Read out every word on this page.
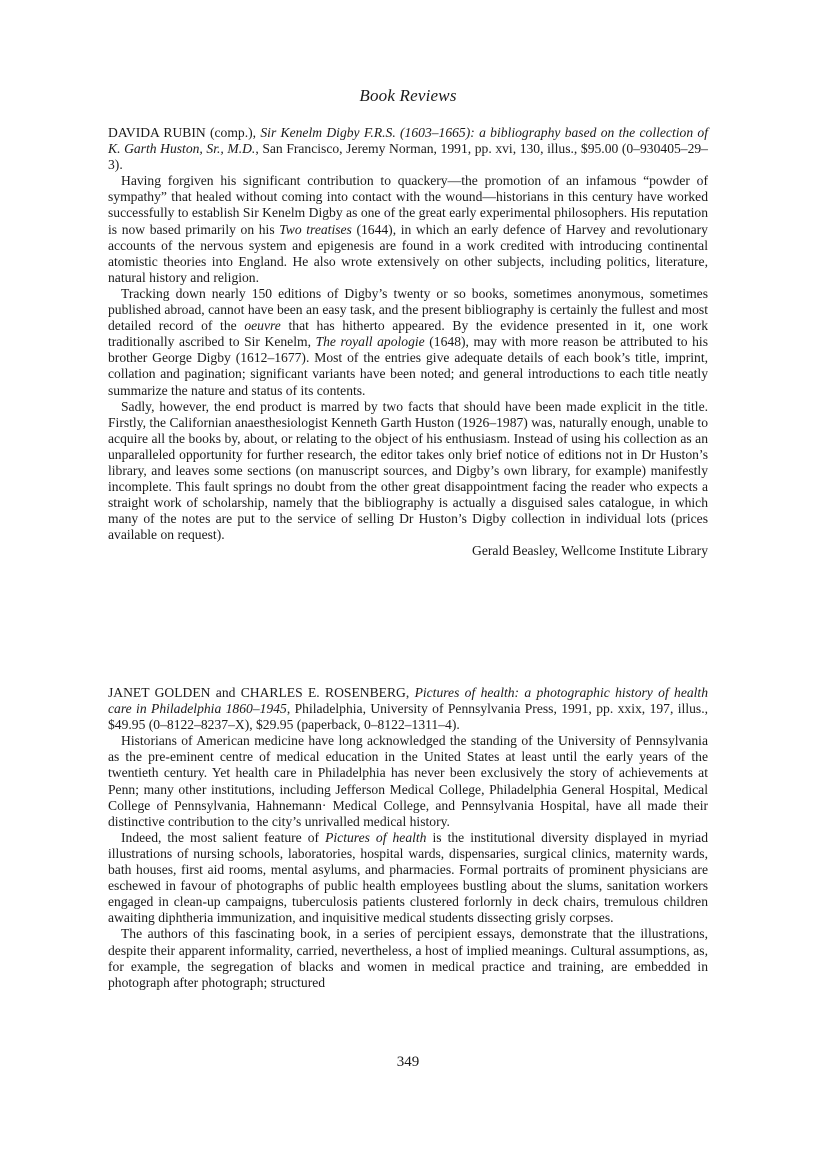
Book Reviews

DAVIDA RUBIN (comp.), Sir Kenelm Digby F.R.S. (1603–1665): a bibliography based on the collection of K. Garth Huston, Sr., M.D., San Francisco, Jeremy Norman, 1991, pp. xvi, 130, illus., $95.00 (0–930405–29–3).

Having forgiven his significant contribution to quackery—the promotion of an infamous “powder of sympathy” that healed without coming into contact with the wound—historians in this century have worked successfully to establish Sir Kenelm Digby as one of the great early experimental philosophers. His reputation is now based primarily on his Two treatises (1644), in which an early defence of Harvey and revolutionary accounts of the nervous system and epigenesis are found in a work credited with introducing continental atomistic theories into England. He also wrote extensively on other subjects, including politics, literature, natural history and religion.

Tracking down nearly 150 editions of Digby’s twenty or so books, sometimes anonymous, sometimes published abroad, cannot have been an easy task, and the present bibliography is certainly the fullest and most detailed record of the oeuvre that has hitherto appeared. By the evidence presented in it, one work traditionally ascribed to Sir Kenelm, The royall apologie (1648), may with more reason be attributed to his brother George Digby (1612–1677). Most of the entries give adequate details of each book’s title, imprint, collation and pagination; significant variants have been noted; and general introductions to each title neatly summarize the nature and status of its contents.

Sadly, however, the end product is marred by two facts that should have been made explicit in the title. Firstly, the Californian anaesthesiologist Kenneth Garth Huston (1926–1987) was, naturally enough, unable to acquire all the books by, about, or relating to the object of his enthusiasm. Instead of using his collection as an unparalleled opportunity for further research, the editor takes only brief notice of editions not in Dr Huston’s library, and leaves some sections (on manuscript sources, and Digby’s own library, for example) manifestly incomplete. This fault springs no doubt from the other great disappointment facing the reader who expects a straight work of scholarship, namely that the bibliography is actually a disguised sales catalogue, in which many of the notes are put to the service of selling Dr Huston’s Digby collection in individual lots (prices available on request).

Gerald Beasley, Wellcome Institute Library

JANET GOLDEN and CHARLES E. ROSENBERG, Pictures of health: a photographic history of health care in Philadelphia 1860–1945, Philadelphia, University of Pennsylvania Press, 1991, pp. xxix, 197, illus., $49.95 (0–8122–8237–X), $29.95 (paperback, 0–8122–1311–4).

Historians of American medicine have long acknowledged the standing of the University of Pennsylvania as the pre-eminent centre of medical education in the United States at least until the early years of the twentieth century. Yet health care in Philadelphia has never been exclusively the story of achievements at Penn; many other institutions, including Jefferson Medical College, Philadelphia General Hospital, Medical College of Pennsylvania, Hahnemann· Medical College, and Pennsylvania Hospital, have all made their distinctive contribution to the city’s unrivalled medical history.

Indeed, the most salient feature of Pictures of health is the institutional diversity displayed in myriad illustrations of nursing schools, laboratories, hospital wards, dispensaries, surgical clinics, maternity wards, bath houses, first aid rooms, mental asylums, and pharmacies. Formal portraits of prominent physicians are eschewed in favour of photographs of public health employees bustling about the slums, sanitation workers engaged in clean-up campaigns, tuberculosis patients clustered forlornly in deck chairs, tremulous children awaiting diphtheria immunization, and inquisitive medical students dissecting grisly corpses.

The authors of this fascinating book, in a series of percipient essays, demonstrate that the illustrations, despite their apparent informality, carried, nevertheless, a host of implied meanings. Cultural assumptions, as, for example, the segregation of blacks and women in medical practice and training, are embedded in photograph after photograph; structured

349
